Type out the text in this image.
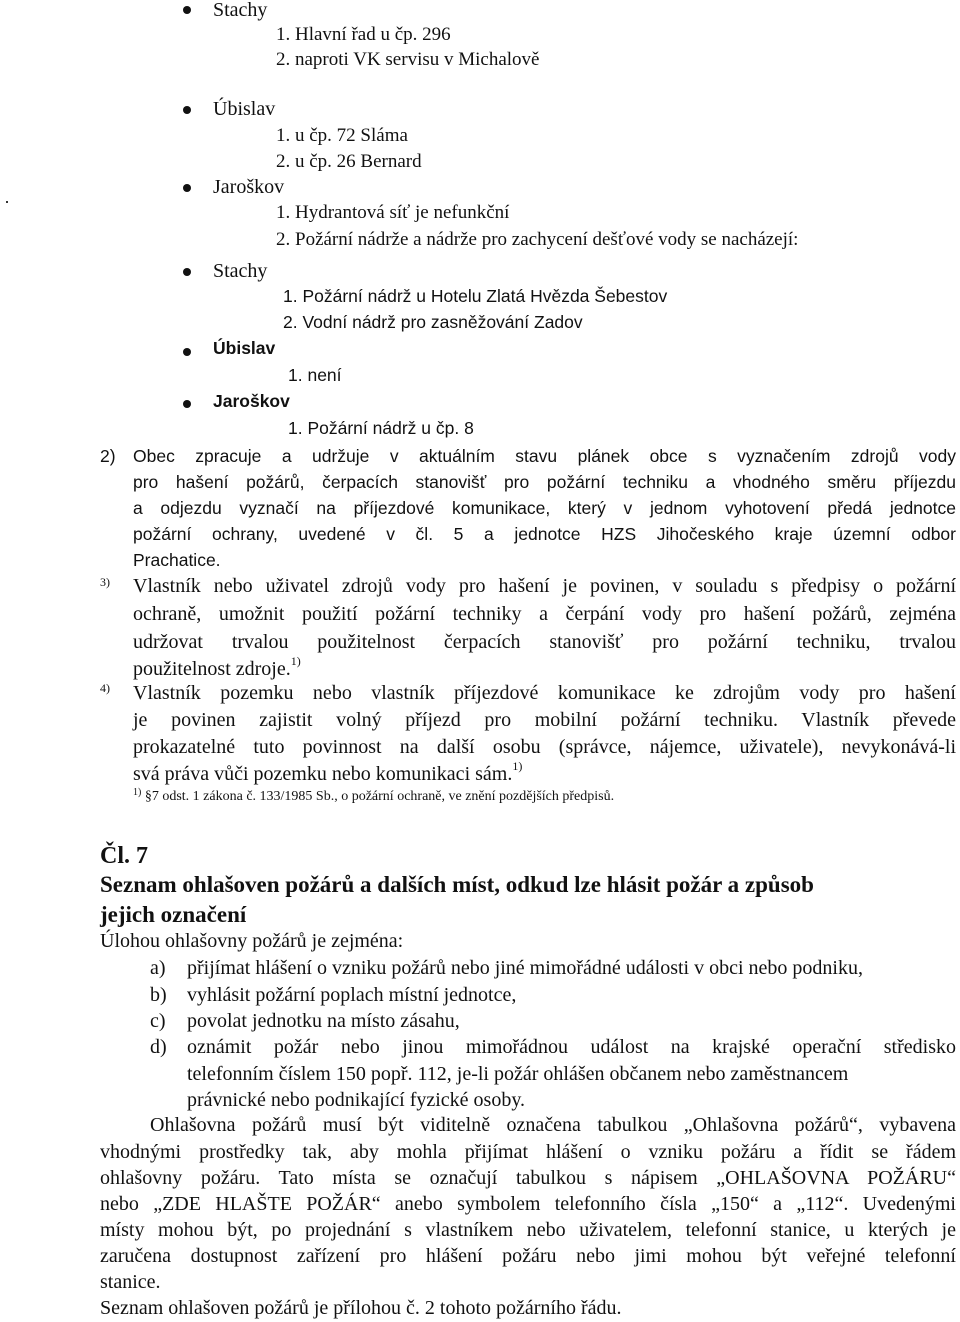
Stachy
1. Hlavní řad u čp. 296
2. naproti VK servisu v Michalově
Úbislav
1. u čp. 72 Sláma
2. u čp. 26 Bernard
Jaroškov
1. Hydrantová síť je nefunkční
2. Požární nádrže a nádrže pro zachycení dešťové vody se nacházejí:
Stachy
1. Požární nádrž u Hotelu Zlatá Hvězda Šebestov
2. Vodní nádrž pro zasněžování Zadov
Úbislav
1. není
Jaroškov
1. Požární nádrž u čp. 8
2) Obec zpracuje a udržuje v aktuálním stavu plánek obce s vyznačením zdrojů vody
pro hašení požárů, čerpacích stanovišť pro požární techniku a vhodného směru příjezdu
a odjezdu vyznačí na příjezdové komunikace, který v jednom vyhotovení předá jednotce
požární ochrany, uvedené v čl. 5 a jednotce HZS Jihočeského kraje územní odbor
Prachatice.
3) Vlastník nebo uživatel zdrojů vody pro hašení je povinen, v souladu s předpisy o požární
ochraně, umožnit použití požární techniky a čerpání vody pro hašení požárů, zejména
udržovat trvalou použitelnost čerpacích stanovišť pro požární techniku, trvalou
použitelnost zdroje.$^{1)}$
4) Vlastník pozemku nebo vlastník příjezdové komunikace ke zdrojům vody pro hašení
je povinen zajistit volný příjezd pro mobilní požární techniku. Vlastník převede
prokazatelné tuto povinnost na další osobu (správce, nájemce, uživatele), nevykonává-li
svá práva vůči pozemku nebo komunikaci sám.$^{1)}$
$^{1)}$ §7 odst. 1 zákona č. 133/1985 Sb., o požární ochraně, ve znění pozdějších předpisů.
Čl. 7
Seznam ohlašoven požárů a dalších míst, odkud lze hlásit požár a způsob
jejich označení
Úlohou ohlašovny požárů je zejména:
a) přijímat hlášení o vzniku požárů nebo jiné mimořádné události v obci nebo podniku,
b) vyhlásit požární poplach místní jednotce,
c) povolat jednotku na místo zásahu,
d) oznámit požár nebo jinou mimořádnou událost na krajské operační středisko
telefonním číslem 150 popř. 112, je-li požár ohlášen občanem nebo zaměstnancem
právnické nebo podnikající fyzické osoby.
Ohlašovna požárů musí být viditelně označena tabulkou „Ohlašovna požárů“, vybavena
vhodnými prostředky tak, aby mohla přijímat hlášení o vzniku požáru a řídit se řádem
ohlašovny požáru. Tato místa se označují tabulkou s nápisem „OHLAŠOVNA POŽÁRU“
nebo „ZDE HLAŠTE POŽÁR“ anebo symbolem telefonního čísla „150“ a „112“. Uvedenými
místy mohou být, po projednání s vlastníkem nebo uživatelem, telefonní stanice, u kterých je
zaručena dostupnost zařízení pro hlášení požáru nebo jimi mohou být veřejné telefonní
stanice.
Seznam ohlašoven požárů je přílohou č. 2 tohoto požárního řádu.
